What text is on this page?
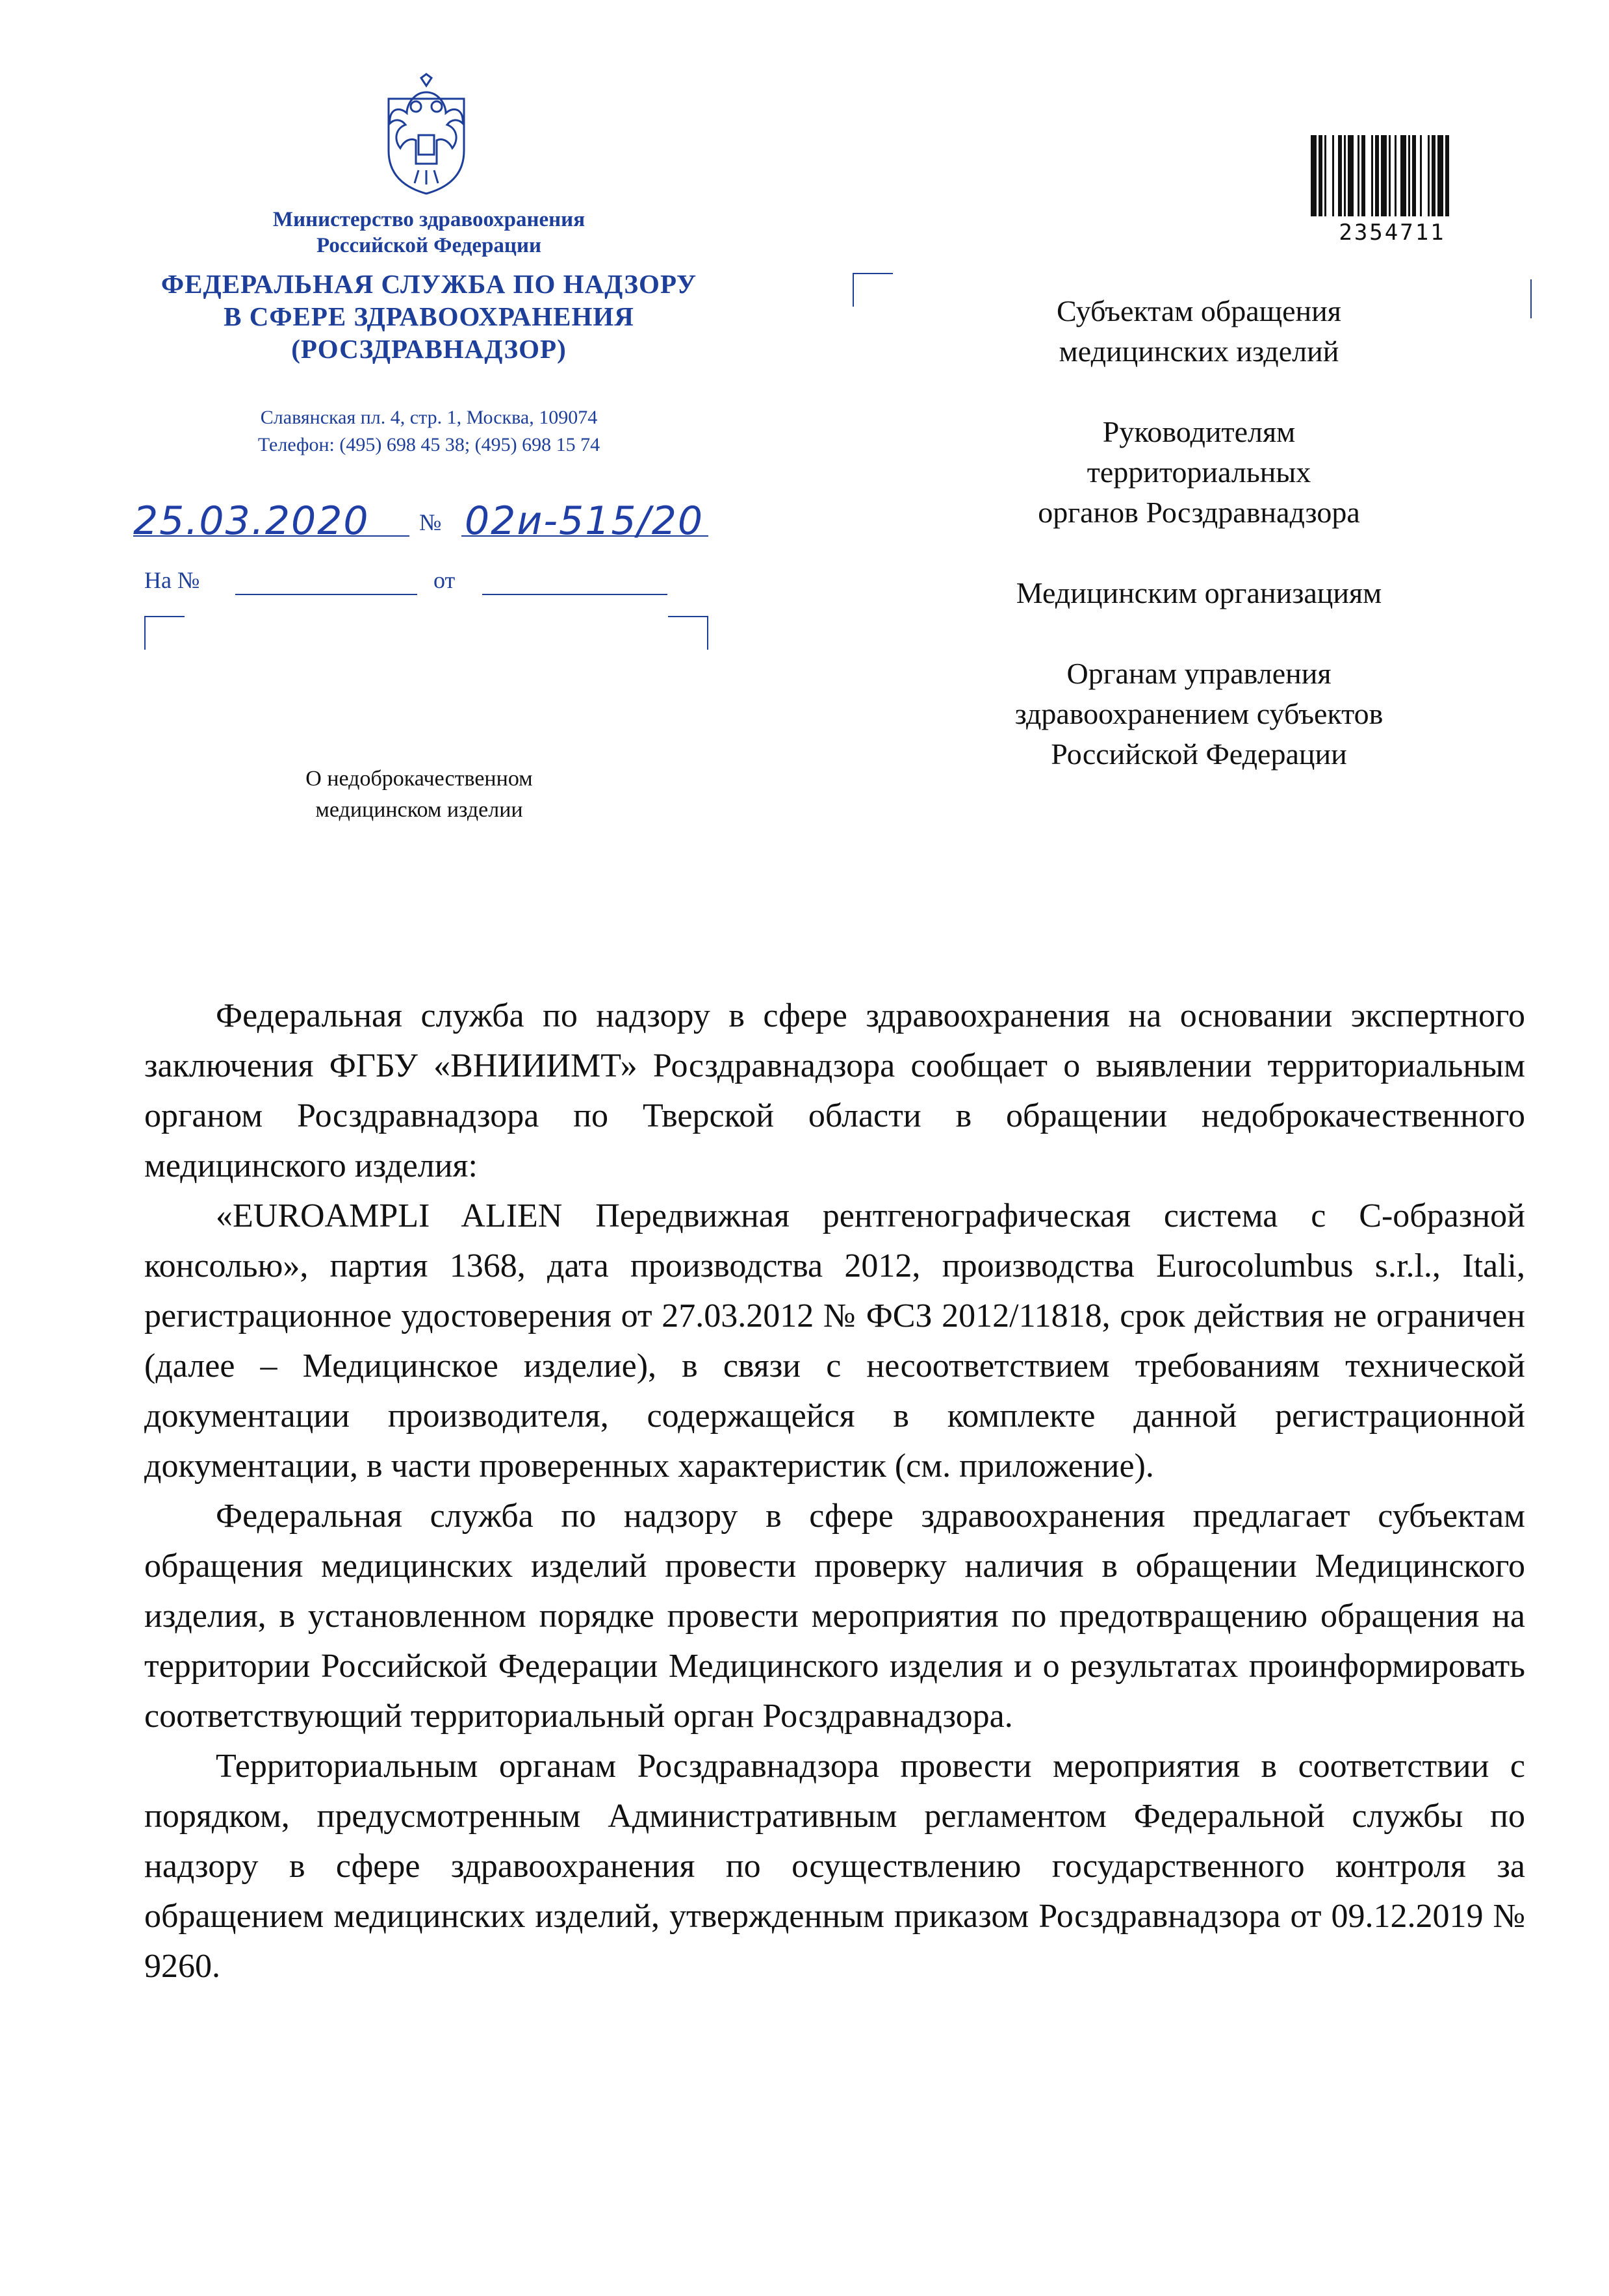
Министерство здравоохранения
Российской Федерации
ФЕДЕРАЛЬНАЯ СЛУЖБА ПО НАДЗОРУ
В СФЕРЕ ЗДРАВООХРАНЕНИЯ
(РОСЗДРАВНАДЗОР)
Славянская пл. 4, стр. 1, Москва, 109074
Телефон: (495) 698 45 38; (495) 698 15 74
25.03.2020 № 02и-515/20
На №	от
О недоброкачественном
медицинском изделии
2354711
Субъектам обращения
медицинских изделий
Руководителям
территориальных
органов Росздравнадзора
Медицинским организациям
Органам управления
здравоохранением субъектов
Российской Федерации

Федеральная служба по надзору в сфере здравоохранения на основании экспертного заключения ФГБУ «ВНИИИМТ» Росздравнадзора сообщает о выявлении территориальным органом Росздравнадзора по Тверской области в обращении недоброкачественного медицинского изделия:

«EUROAMPLI ALIEN Передвижная рентгенографическая система с С-образной консолью», партия 1368, дата производства 2012, производства Eurocolumbus s.r.l., Itali, регистрационное удостоверения от 27.03.2012 № ФСЗ 2012/11818, срок действия не ограничен (далее – Медицинское изделие), в связи с несоответствием требованиям технической документации производителя, содержащейся в комплекте данной регистрационной документации, в части проверенных характеристик (см. приложение).

Федеральная служба по надзору в сфере здравоохранения предлагает субъектам обращения медицинских изделий провести проверку наличия в обращении Медицинского изделия, в установленном порядке провести мероприятия по предотвращению обращения на территории Российской Федерации Медицинского изделия и о результатах проинформировать соответствующий территориальный орган Росздравнадзора.

Территориальным органам Росздравнадзора провести мероприятия в соответствии с порядком, предусмотренным Административным регламентом Федеральной службы по надзору в сфере здравоохранения по осуществлению государственного контроля за обращением медицинских изделий, утвержденным приказом Росздравнадзора от 09.12.2019 № 9260.
